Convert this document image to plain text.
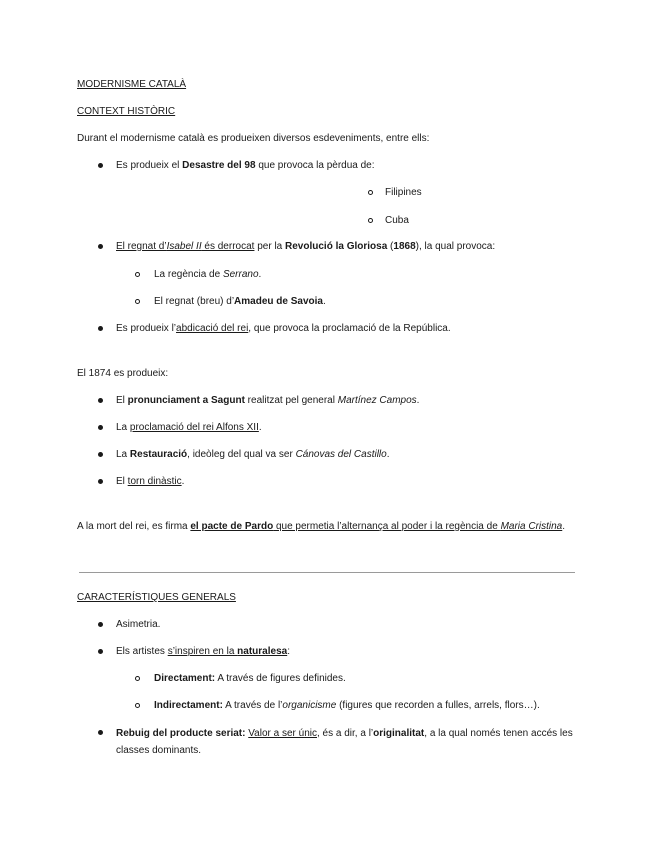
MODERNISME CATALÀ
CONTEXT HISTÒRIC
Durant el modernisme català es produeixen diversos esdeveniments, entre ells:
Es produeix el Desastre del 98 que provoca la pèrdua de:
Filipines
Cuba
El regnat d’Isabel II és derrocat per la Revolució la Gloriosa (1868), la qual provoca:
La regència de Serrano.
El regnat (breu) d’Amadeu de Savoia.
Es produeix l’abdicació del rei, que provoca la proclamació de la República.
El 1874 es produeix:
El pronunciament a Sagunt realitzat pel general Martínez Campos.
La proclamació del rei Alfons XII.
La Restauració, ideòleg del qual va ser Cánovas del Castillo.
El torn dinàstic.
A la mort del rei, es firma el pacte de Pardo que permetia l’alternança al poder i la regència de Maria Cristina.
CARACTERÍSTIQUES GENERALS
Asimetria.
Els artistes s’inspiren en la naturalesa:
Directament: A través de figures definides.
Indirectament: A través de l’organicisme (figures que recorden a fulles, arrels, flors…).
Rebuig del producte seriat: Valor a ser únic, és a dir, a l’originalitat, a la qual només tenen accés les classes dominants.
